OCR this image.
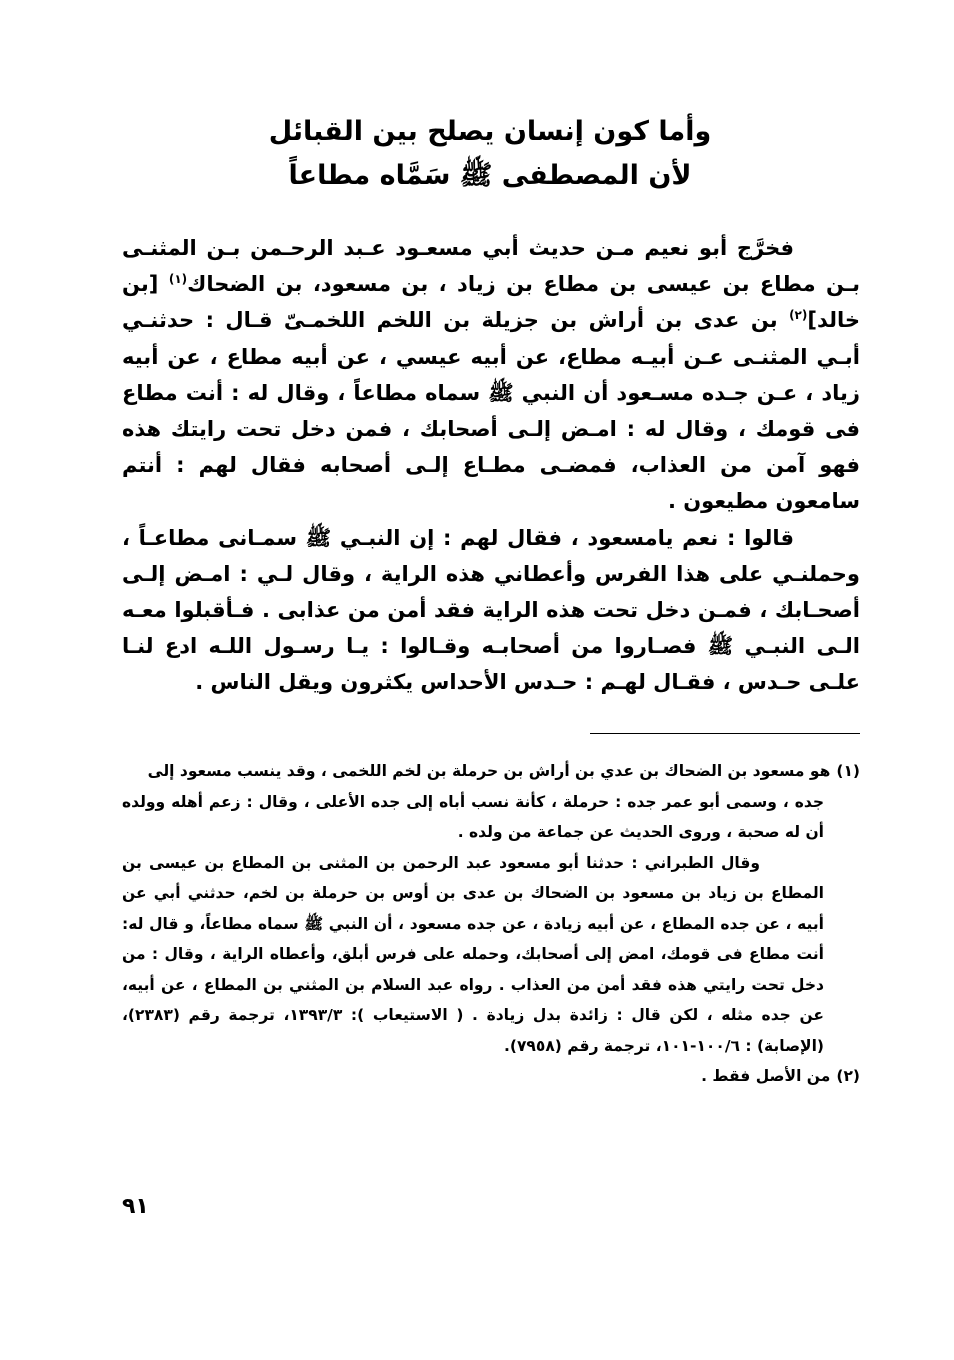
وأما كون إنسان يصلح بين القبائل
لأن المصطفى ﷺ سَمَّاه مطاعاً

فخرَّج أبو نعيم مـن حديث أبي مسعـود عـبد الرحـمن بـن المثنـى بـن مطاع بن عيسى بن مطاع بن زياد ، بن مسعود، بن الضحاك$^{(١)}$ [بن خالد]$^{(٢)}$ بن عدى بن أراش بن جزيلة بن اللخم اللخمـىّ قـال : حدثنـي أبـي المثنـى عـن أبيـه مطاع، عن أبيه عيسي ، عن أبيه مطاع ، عن أبيه زياد ، عـن جـده مسـعود أن النبي ﷺ سماه مطاعاً ، وقال له : أنت مطاع فى قومك ، وقال له : امـض إلـى أصحابك ، فمن دخل تحت رايتك هذه فهو آمن من العذاب، فمضـى مطـاع إلـى أصحابه فقال لهم : أنتم سامعون مطيعون .

قالوا : نعم يامسعود ، فقال لهم : إن النبـي ﷺ سمـانى مطاعـاً ، وحملنـي على هذا الفرس وأعطاني هذه الراية ، وقال لـي : امـض إلـى أصحـابك ، فمـن دخل تحت هذه الراية فقد أمن من عذابى . فـأقبلوا معـه الـى النبـي ﷺ فصـاروا من أصحابـه وقـالوا : يـا رسـول اللـه ادع لنـا علـى حـدس ، فقـال لهـم : حـدس الأحداس يكثرون ويقل الناس .

(١)هو مسعود بن الضحاك بن عدي بن أراش بن حرملة بن لخم اللخمى ، وقد ينسب مسعود إلى

جده ، وسمى أبو عمر جده : حرملة ، كأنة نسب أباه إلى جده الأعلى ، وقال : زعم أهله وولده أن له صحبة ، وروى الحديث عن جماعة من ولده .

وقال الطبراني : حدثنا أبو مسعود عبد الرحمن بن المثنى بن المطاع بن عيسى بن المطاع بن زياد بن مسعود بن الضحاك بن عدى بن أوس بن حرملة بن لخم، حدثني أبي عن أبيه ، عن جده المطاع ، عن أبيه زيادة ، عن جده مسعود ، أن النبي ﷺ سماه مطاعاً، و قال له: أنت مطاع فى قومك، امض إلى أصحابك، وحمله على فرس أبلق، وأعطاه الراية ، وقال : من دخل تحت رايتي هذه فقد أمن من العذاب . رواه عبد السلام بن المثني بن المطاع ، عن أبيه، عن جده مثله ، لكن قال : زائدة بدل زيادة . ( الاستيعاب ): ١٣٩٣/٣، ترجمة رقم (٢٣٨٣)، (الإصابة) : ١٠٠/٦-١٠١، ترجمة رقم (٧٩٥٨).

(٢)من الأصل فقط .

٩١
